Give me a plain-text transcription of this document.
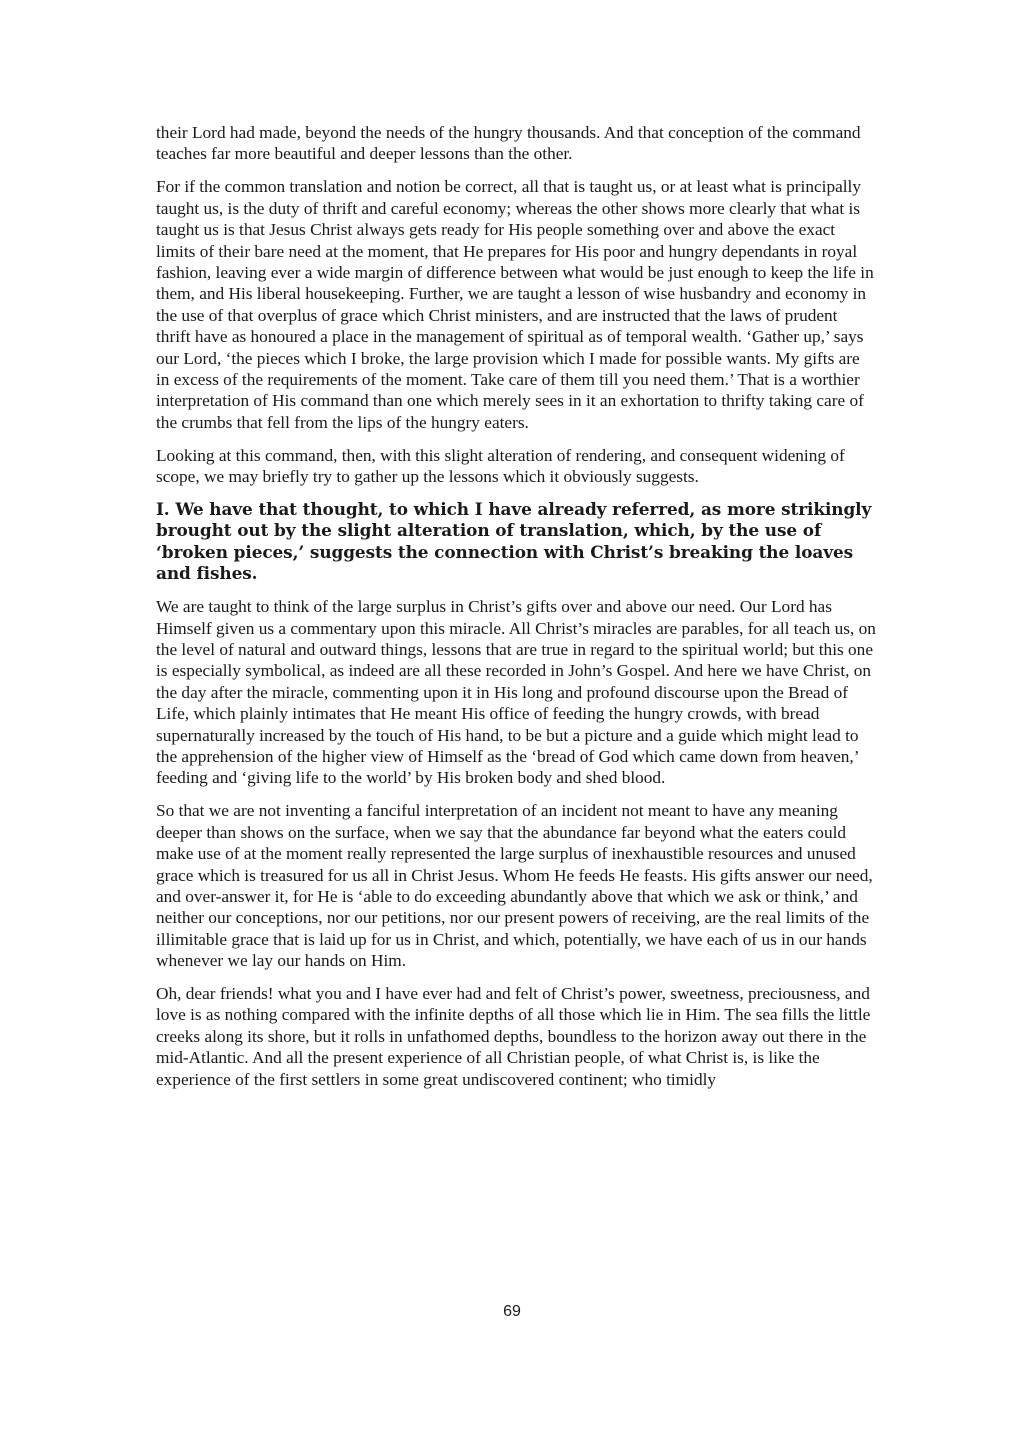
their Lord had made, beyond the needs of the hungry thousands. And that conception of the command teaches far more beautiful and deeper lessons than the other.

For if the common translation and notion be correct, all that is taught us, or at least what is principally taught us, is the duty of thrift and careful economy; whereas the other shows more clearly that what is taught us is that Jesus Christ always gets ready for His people something over and above the exact limits of their bare need at the moment, that He prepares for His poor and hungry dependants in royal fashion, leaving ever a wide margin of difference between what would be just enough to keep the life in them, and His liberal housekeeping. Further, we are taught a lesson of wise husbandry and economy in the use of that overplus of grace which Christ ministers, and are instructed that the laws of prudent thrift have as honoured a place in the management of spiritual as of temporal wealth. ‘Gather up,’ says our Lord, ‘the pieces which I broke, the large provision which I made for possible wants. My gifts are in excess of the requirements of the moment. Take care of them till you need them.’ That is a worthier interpretation of His command than one which merely sees in it an exhortation to thrifty taking care of the crumbs that fell from the lips of the hungry eaters.

Looking at this command, then, with this slight alteration of rendering, and consequent widening of scope, we may briefly try to gather up the lessons which it obviously suggests.

I. We have that thought, to which I have already referred, as more strikingly brought out by the slight alteration of translation, which, by the use of ‘broken pieces,’ suggests the connection with Christ’s breaking the loaves and fishes.

We are taught to think of the large surplus in Christ’s gifts over and above our need. Our Lord has Himself given us a commentary upon this miracle. All Christ’s miracles are parables, for all teach us, on the level of natural and outward things, lessons that are true in regard to the spiritual world; but this one is especially symbolical, as indeed are all these recorded in John’s Gospel. And here we have Christ, on the day after the miracle, commenting upon it in His long and profound discourse upon the Bread of Life, which plainly intimates that He meant His office of feeding the hungry crowds, with bread supernaturally increased by the touch of His hand, to be but a picture and a guide which might lead to the apprehension of the higher view of Himself as the ‘bread of God which came down from heaven,’ feeding and ‘giving life to the world’ by His broken body and shed blood.

So that we are not inventing a fanciful interpretation of an incident not meant to have any meaning deeper than shows on the surface, when we say that the abundance far beyond what the eaters could make use of at the moment really represented the large surplus of inexhaustible resources and unused grace which is treasured for us all in Christ Jesus. Whom He feeds He feasts. His gifts answer our need, and over-answer it, for He is ‘able to do exceeding abundantly above that which we ask or think,’ and neither our conceptions, nor our petitions, nor our present powers of receiving, are the real limits of the illimitable grace that is laid up for us in Christ, and which, potentially, we have each of us in our hands whenever we lay our hands on Him.

Oh, dear friends! what you and I have ever had and felt of Christ’s power, sweetness, preciousness, and love is as nothing compared with the infinite depths of all those which lie in Him. The sea fills the little creeks along its shore, but it rolls in unfathomed depths, boundless to the horizon away out there in the mid-Atlantic. And all the present experience of all Christian people, of what Christ is, is like the experience of the first settlers in some great undiscovered continent; who timidly

69
